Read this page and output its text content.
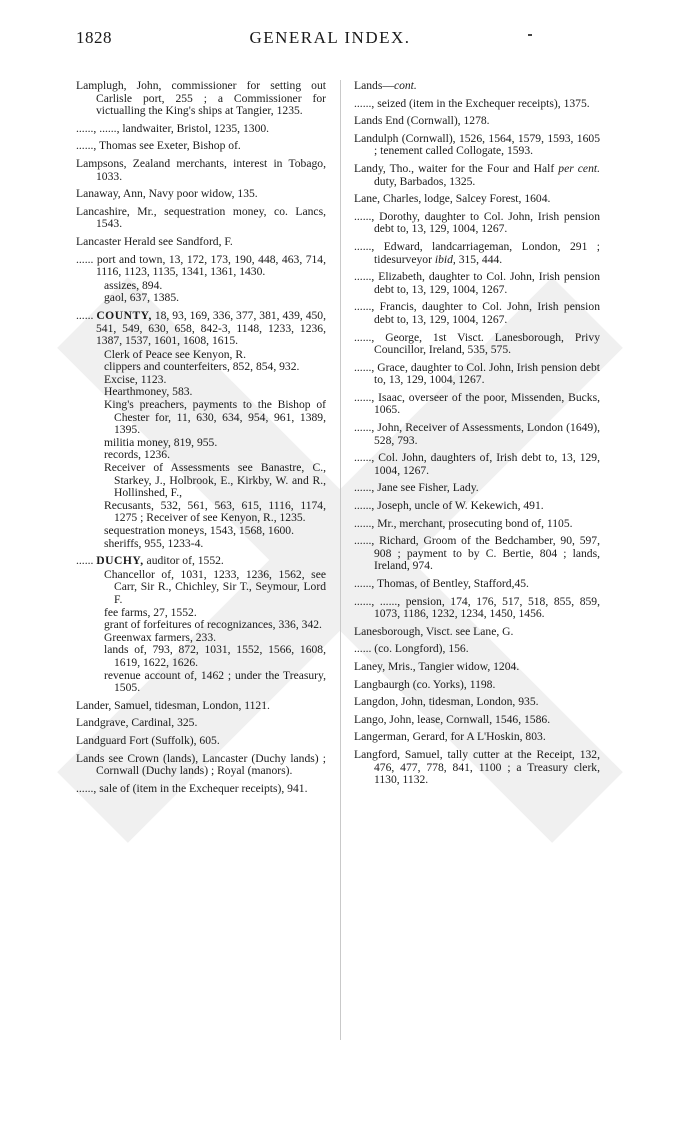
1828	GENERAL INDEX.

Lamplugh, John, commissioner for setting out Carlisle port, 255 ; a Commissioner for victualling the King's ships at Tangier, 1235.

......, ......, landwaiter, Bristol, 1235, 1300.

......, Thomas see Exeter, Bishop of.

Lampsons, Zealand merchants, interest in Tobago, 1033.

Lanaway, Ann, Navy poor widow, 135.

Lancashire, Mr., sequestration money, co. Lancs, 1543.

Lancaster Herald see Sandford, F.

...... port and town, 13, 172, 173, 190, 448, 463, 714, 1116, 1123, 1135, 1341, 1361, 1430.

assizes, 894.

gaol, 637, 1385.

...... COUNTY, 18, 93, 169, 336, 377, 381, 439, 450, 541, 549, 630, 658, 842-3, 1148, 1233, 1236, 1387, 1537, 1601, 1608, 1615.

Clerk of Peace see Kenyon, R.

clippers and counterfeiters, 852, 854, 932.

Excise, 1123.

Hearthmoney, 583.

King's preachers, payments to the Bishop of Chester for, 11, 630, 634, 954, 961, 1389, 1395.

militia money, 819, 955.

records, 1236.

Receiver of Assessments see Banastre, C., Starkey, J., Holbrook, E., Kirkby, W. and R., Hollinshed, F.,

Recusants, 532, 561, 563, 615, 1116, 1174, 1275 ; Receiver of see Kenyon, R., 1235.

sequestration moneys, 1543, 1568, 1600.

sheriffs, 955, 1233-4.

...... DUCHY, auditor of, 1552.

Chancellor of, 1031, 1233, 1236, 1562, see Carr, Sir R., Chichley, Sir T., Seymour, Lord F.

fee farms, 27, 1552.

grant of forfeitures of recognizances, 336, 342.

Greenwax farmers, 233.

lands of, 793, 872, 1031, 1552, 1566, 1608, 1619, 1622, 1626.

revenue account of, 1462 ; under the Treasury, 1505.

Lander, Samuel, tidesman, London, 1121.

Landgrave, Cardinal, 325.

Landguard Fort (Suffolk), 605.

Lands see Crown (lands), Lancaster (Duchy lands) ; Cornwall (Duchy lands) ; Royal (manors).

......, sale of (item in the Exchequer receipts), 941.

Lands—cont.

......, seized (item in the Exchequer receipts), 1375.

Lands End (Cornwall), 1278.

Landulph (Cornwall), 1526, 1564, 1579, 1593, 1605 ; tenement called Collogate, 1593.

Landy, Tho., waiter for the Four and Half per cent. duty, Barbados, 1325.

Lane, Charles, lodge, Salcey Forest, 1604.

......, Dorothy, daughter to Col. John, Irish pension debt to, 13, 129, 1004, 1267.

......, Edward, landcarriageman, London, 291 ; tidesurveyor ibid, 315, 444.

......, Elizabeth, daughter to Col. John, Irish pension debt to, 13, 129, 1004, 1267.

......, Francis, daughter to Col. John, Irish pension debt to, 13, 129, 1004, 1267.

......, George, 1st Visct. Lanesborough, Privy Councillor, Ireland, 535, 575.

......, Grace, daughter to Col. John, Irish pension debt to, 13, 129, 1004, 1267.

......, Isaac, overseer of the poor, Missenden, Bucks, 1065.

......, John, Receiver of Assessments, London (1649), 528, 793.

......, Col. John, daughters of, Irish debt to, 13, 129, 1004, 1267.

......, Jane see Fisher, Lady.

......, Joseph, uncle of W. Kekewich, 491.

......, Mr., merchant, prosecuting bond of, 1105.

......, Richard, Groom of the Bedchamber, 90, 597, 908 ; payment to by C. Bertie, 804 ; lands, Ireland, 974.

......, Thomas, of Bentley, Stafford,45.

......, ......, pension, 174, 176, 517, 518, 855, 859, 1073, 1186, 1232, 1234, 1450, 1456.

Lanesborough, Visct. see Lane, G.

...... (co. Longford), 156.

Laney, Mris., Tangier widow, 1204.

Langbaurgh (co. Yorks), 1198.

Langdon, John, tidesman, London, 935.

Lango, John, lease, Cornwall, 1546, 1586.

Langerman, Gerard, for A L'Hoskin, 803.

Langford, Samuel, tally cutter at the Receipt, 132, 476, 477, 778, 841, 1100 ; a Treasury clerk, 1130, 1132.
